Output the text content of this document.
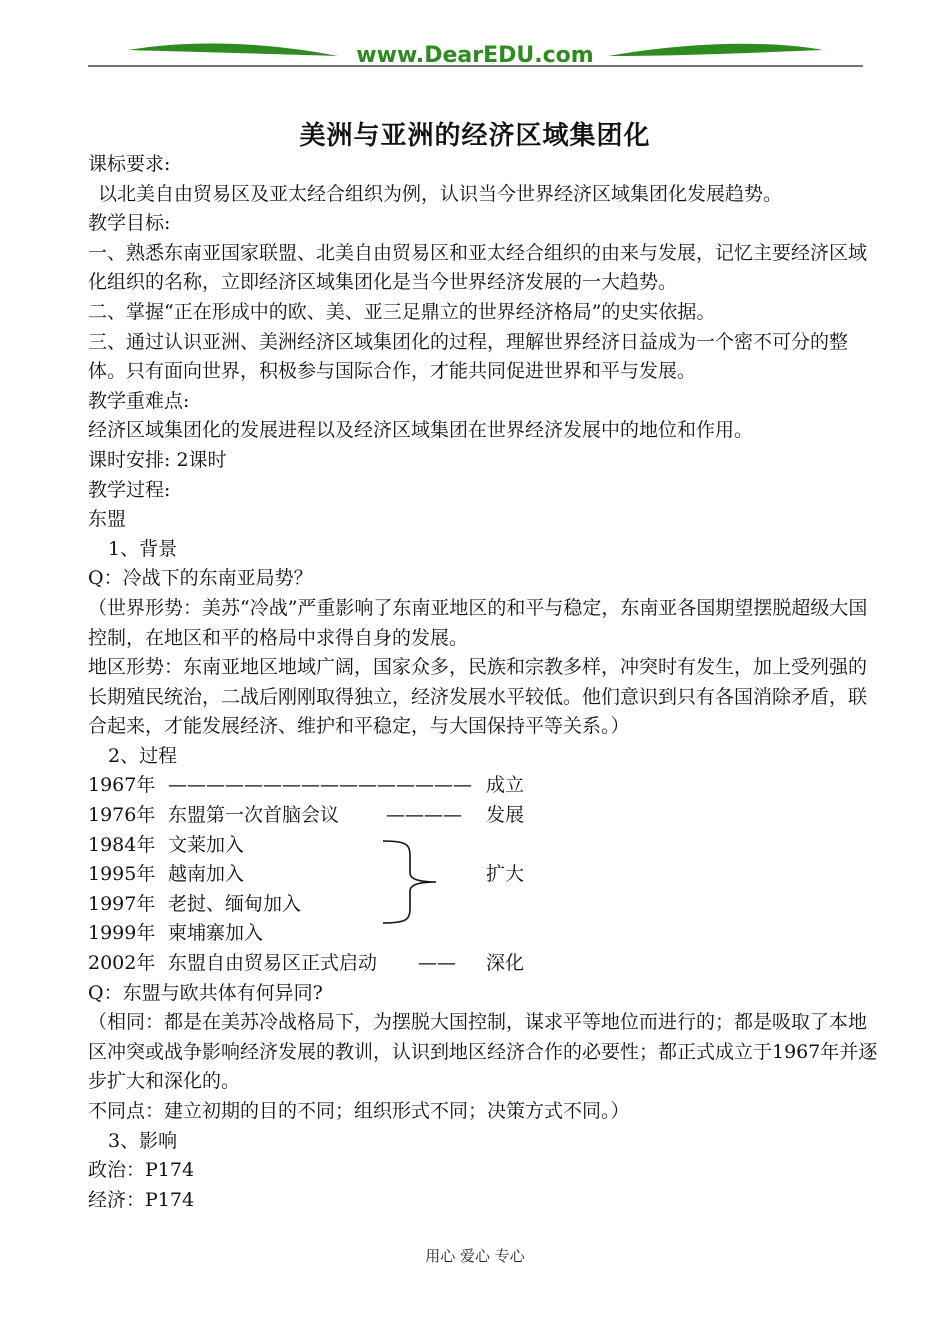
www.DearEDU.com
美洲与亚洲的经济区域集团化
课标要求:
以北美自由贸易区及亚太经合组织为例，认识当今世界经济区域集团化发展趋势。
教学目标:
一、熟悉东南亚国家联盟、北美自由贸易区和亚太经合组织的由来与发展，记忆主要经济区域化组织的名称，立即经济区域集团化是当今世界经济发展的一大趋势。
二、掌握“正在形成中的欧、美、亚三足鼎立的世界经济格局”的史实依据。
三、通过认识亚洲、美洲经济区域集团化的过程，理解世界经济日益成为一个密不可分的整体。只有面向世界，积极参与国际合作，才能共同促进世界和平与发展。
教学重难点:
经济区域集团化的发展进程以及经济区域集团在世界经济发展中的地位和作用。
课时安排: 2课时
教学过程:
东盟
1、背景
Q：冷战下的东南亚局势？
（世界形势：美苏“冷战”严重影响了东南亚地区的和平与稳定，东南亚各国期望摆脱超级大国控制，在地区和平的格局中求得自身的发展。
地区形势：东南亚地区地域广阔，国家众多，民族和宗教多样，冲突时有发生，加上受列强的长期殖民统治，二战后刚刚取得独立，经济发展水平较低。他们意识到只有各国消除矛盾，联合起来，才能发展经济、维护和平稳定，与大国保持平等关系。）
2、过程
1967年 ———————————————— 成立
1976年 东盟第一次首脑会议 ———— 发展
1984年 文莱加入
1995年 越南加入	扩大
1997年 老挝、缅甸加入
1999年 柬埔寨加入
2002年 东盟自由贸易区正式启动 —— 深化
Q：东盟与欧共体有何异同?
（相同：都是在美苏冷战格局下，为摆脱大国控制，谋求平等地位而进行的；都是吸取了本地区冲突或战争影响经济发展的教训，认识到地区经济合作的必要性；都正式成立于1967年并逐步扩大和深化的。
不同点：建立初期的目的不同；组织形式不同；决策方式不同。）
3、影响
政治：P174
经济：P174
用心 爱心 专心
